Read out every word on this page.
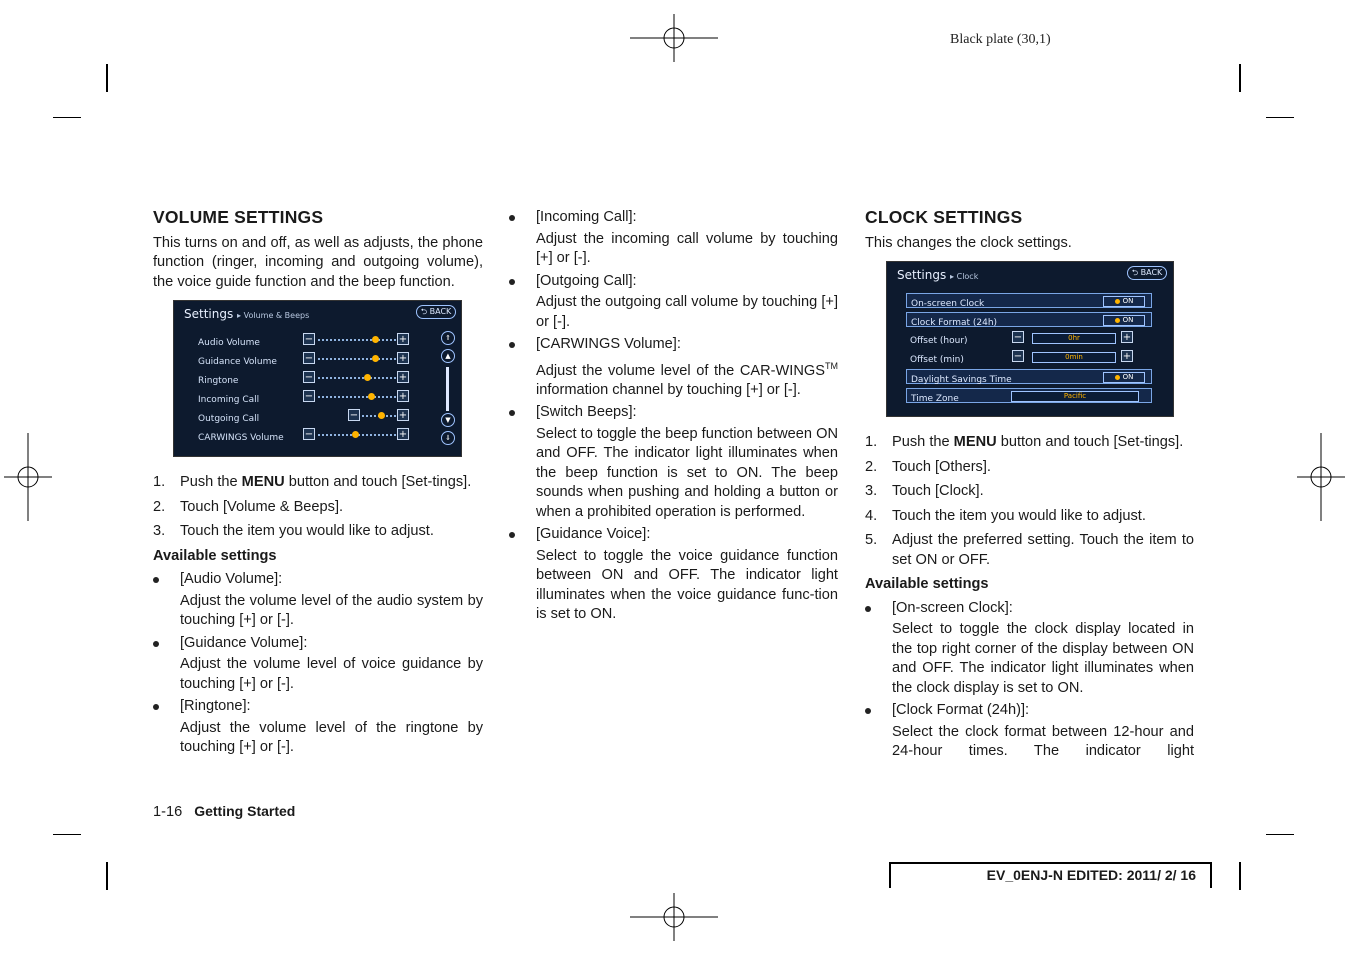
Black plate (30,1)
VOLUME SETTINGS

This turns on and off, as well as adjusts, the phone function (ringer, incoming and outgoing volume), the voice guide function and the beep function.

Settings ▸ Volume & Beeps	⮌ BACK
Audio Volume	−	+
Guidance Volume	−	+
Ringtone	−	+
Incoming Call	−	+
Outgoing Call	−	+
CARWINGS Volume −	+
⇑
▲
▼
⇓
1. Push the MENU button and touch [Set-tings].
2. Touch [Volume & Beeps].
3. Touch the item you would like to adjust.
Available settings
[Audio Volume]:
Adjust the volume level of the audio system by touching [+] or [-].
[Guidance Volume]:
Adjust the volume level of voice guidance by touching [+] or [-].
[Ringtone]:
Adjust the volume level of the ringtone by touching [+] or [-].
[Incoming Call]:
Adjust the incoming call volume by touching [+] or [-].
[Outgoing Call]:
Adjust the outgoing call volume by touching [+] or [-].
[CARWINGS Volume]:
Adjust the volume level of the CAR-WINGS™ information channel by touching [+] or [-].
[Switch Beeps]:
Select to toggle the beep function between ON and OFF. The indicator light illuminates when the beep function is set to ON. The beep sounds when pushing and holding a button or when a prohibited operation is performed.
[Guidance Voice]:
Select to toggle the voice guidance function between ON and OFF. The indicator light illuminates when the voice guidance func-tion is set to ON.
CLOCK SETTINGS

This changes the clock settings.

Settings ▸ Clock	⮌ BACK
On-screen Clock	ON
Clock Format (24h)	ON
Offset (hour)	−	0hr	+
Offset (min)	−	0min	+
Daylight Savings Time	ON
Time Zone	Pacific
1. Push the MENU button and touch [Set-tings].
2. Touch [Others].
3. Touch [Clock].
4. Touch the item you would like to adjust.
5. Adjust the preferred setting. Touch the item to set ON or OFF.
Available settings
[On-screen Clock]:
Select to toggle the clock display located in the top right corner of the display between ON and OFF. The indicator light illuminates when the clock display is set to ON.
[Clock Format (24h)]:
Select the clock format between 12-hour and 24-hour times. The indicator light
1-16 Getting Started
EV_0ENJ-N EDITED: 2011/ 2/ 16
